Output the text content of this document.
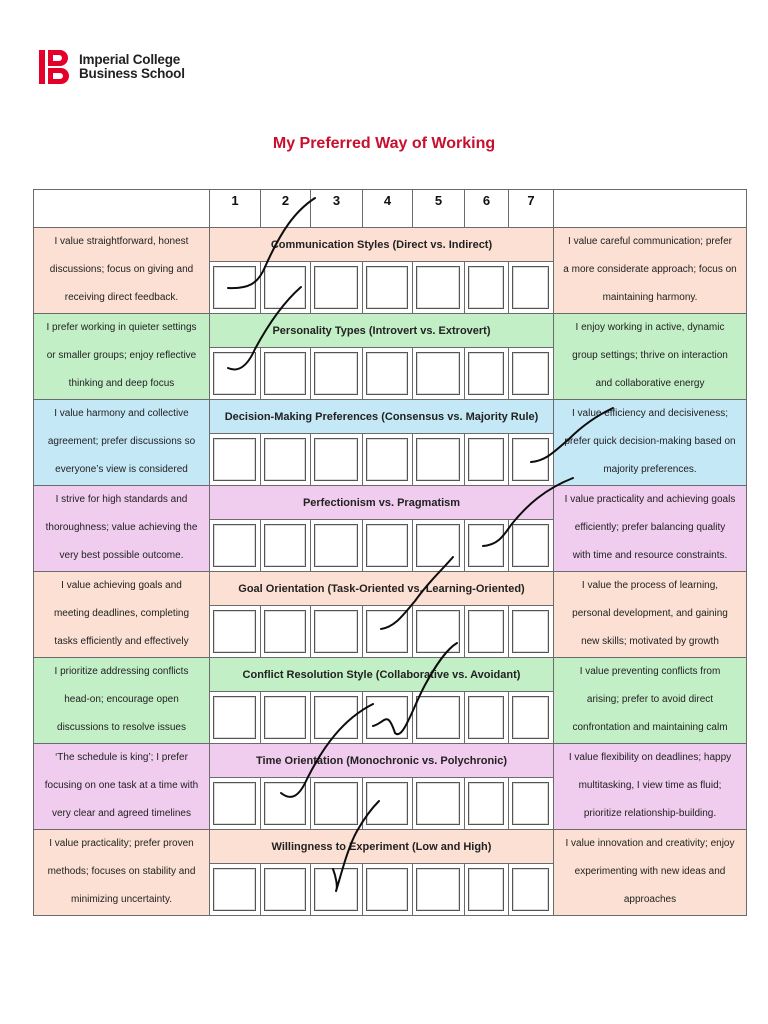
Imperial College
Business School
My Preferred Way of Working
1	2	3	4	5	6	7
I value straightforward, honest
discussions; focus on giving and
receiving direct feedback.
Communication Styles (Direct vs. Indirect)	I value careful communication; prefer
a more considerate approach; focus on
maintaining harmony.
I prefer working in quieter settings
or smaller groups; enjoy reflective
thinking and deep focus
Personality Types (Introvert vs. Extrovert)	I enjoy working in active, dynamic
group settings; thrive on interaction
and collaborative energy
I value harmony and collective
agreement; prefer discussions so
everyone’s view is considered
Decision-Making Preferences (Consensus vs. Majority Rule)	I value efficiency and decisiveness;
prefer quick decision-making based on
majority preferences.
I strive for high standards and
thoroughness; value achieving the
very best possible outcome.
Perfectionism vs. Pragmatism	I value practicality and achieving goals
efficiently; prefer balancing quality
with time and resource constraints.
I value achieving goals and
meeting deadlines, completing
tasks efficiently and effectively
Goal Orientation (Task-Oriented vs. Learning-Oriented)	I value the process of learning,
personal development, and gaining
new skills; motivated by growth
I prioritize addressing conflicts
head-on; encourage open
discussions to resolve issues
Conflict Resolution Style (Collaborative vs. Avoidant)	I value preventing conflicts from
arising; prefer to avoid direct
confrontation and maintaining calm
‘The schedule is king’; I prefer
focusing on one task at a time with
very clear and agreed timelines
Time Orientation (Monochronic vs. Polychronic)	I value flexibility on deadlines; happy
multitasking, I view time as fluid;
prioritize relationship-building.
I value practicality; prefer proven
methods; focuses on stability and
minimizing uncertainty.
Willingness to Experiment (Low and High)	I value innovation and creativity; enjoy
experimenting with new ideas and
approaches
